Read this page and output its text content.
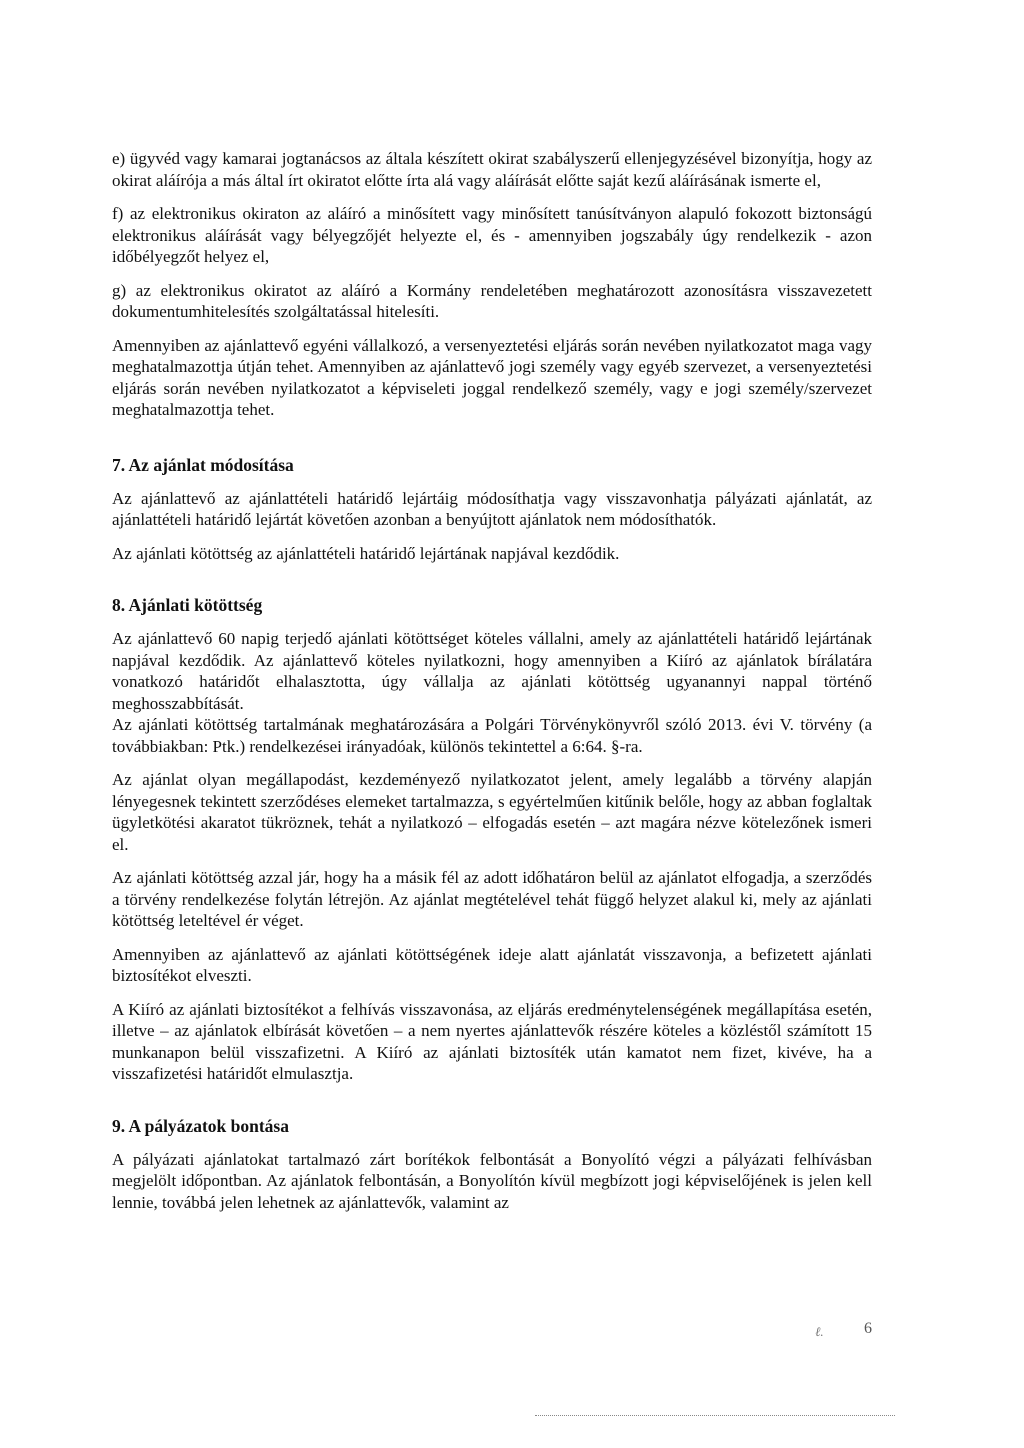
e) ügyvéd vagy kamarai jogtanácsos az általa készített okirat szabályszerű ellenjegyzésével bizonyítja, hogy az okirat aláírója a más által írt okiratot előtte írta alá vagy aláírását előtte saját kezű aláírásának ismerte el,

f) az elektronikus okiraton az aláíró a minősített vagy minősített tanúsítványon alapuló fokozott biztonságú elektronikus aláírását vagy bélyegzőjét helyezte el, és - amennyiben jogszabály úgy rendelkezik - azon időbélyegzőt helyez el,

g) az elektronikus okiratot az aláíró a Kormány rendeletében meghatározott azonosításra visszavezetett dokumentumhitelesítés szolgáltatással hitelesíti.

Amennyiben az ajánlattevő egyéni vállalkozó, a versenyeztetési eljárás során nevében nyilatkozatot maga vagy meghatalmazottja útján tehet. Amennyiben az ajánlattevő jogi személy vagy egyéb szervezet, a versenyeztetési eljárás során nevében nyilatkozatot a képviseleti joggal rendelkező személy, vagy e jogi személy/szervezet meghatalmazottja tehet.

7. Az ajánlat módosítása

Az ajánlattevő az ajánlattételi határidő lejártáig módosíthatja vagy visszavonhatja pályázati ajánlatát, az ajánlattételi határidő lejártát követően azonban a benyújtott ajánlatok nem módosíthatók.

Az ajánlati kötöttség az ajánlattételi határidő lejártának napjával kezdődik.

8. Ajánlati kötöttség

Az ajánlattevő 60 napig terjedő ajánlati kötöttséget köteles vállalni, amely az ajánlattételi határidő lejártának napjával kezdődik. Az ajánlattevő köteles nyilatkozni, hogy amennyiben a Kiíró az ajánlatok bírálatára vonatkozó határidőt elhalasztotta, úgy vállalja az ajánlati kötöttség ugyanannyi nappal történő meghosszabbítását.

Az ajánlati kötöttség tartalmának meghatározására a Polgári Törvénykönyvről szóló 2013. évi V. törvény (a továbbiakban: Ptk.) rendelkezései irányadóak, különös tekintettel a 6:64. §-ra.

Az ajánlat olyan megállapodást, kezdeményező nyilatkozatot jelent, amely legalább a törvény alapján lényegesnek tekintett szerződéses elemeket tartalmazza, s egyértelműen kitűnik belőle, hogy az abban foglaltak ügyletkötési akaratot tükröznek, tehát a nyilatkozó – elfogadás esetén – azt magára nézve kötelezőnek ismeri el.

Az ajánlati kötöttség azzal jár, hogy ha a másik fél az adott időhatáron belül az ajánlatot elfogadja, a szerződés a törvény rendelkezése folytán létrejön. Az ajánlat megtételével tehát függő helyzet alakul ki, mely az ajánlati kötöttség leteltével ér véget.

Amennyiben az ajánlattevő az ajánlati kötöttségének ideje alatt ajánlatát visszavonja, a befizetett ajánlati biztosítékot elveszti.

A Kiíró az ajánlati biztosítékot a felhívás visszavonása, az eljárás eredménytelenségének megállapítása esetén, illetve – az ajánlatok elbírását követően – a nem nyertes ajánlattevők részére köteles a közléstől számított 15 munkanapon belül visszafizetni. A Kiíró az ajánlati biztosíték után kamatot nem fizet, kivéve, ha a visszafizetési határidőt elmulasztja.

9. A pályázatok bontása

A pályázati ajánlatokat tartalmazó zárt borítékok felbontását a Bonyolító végzi a pályázati felhívásban megjelölt időpontban. Az ajánlatok felbontásán, a Bonyolítón kívül megbízott jogi képviselőjének is jelen kell lennie, továbbá jelen lehetnek az ajánlattevők, valamint az

ℓ.	6
